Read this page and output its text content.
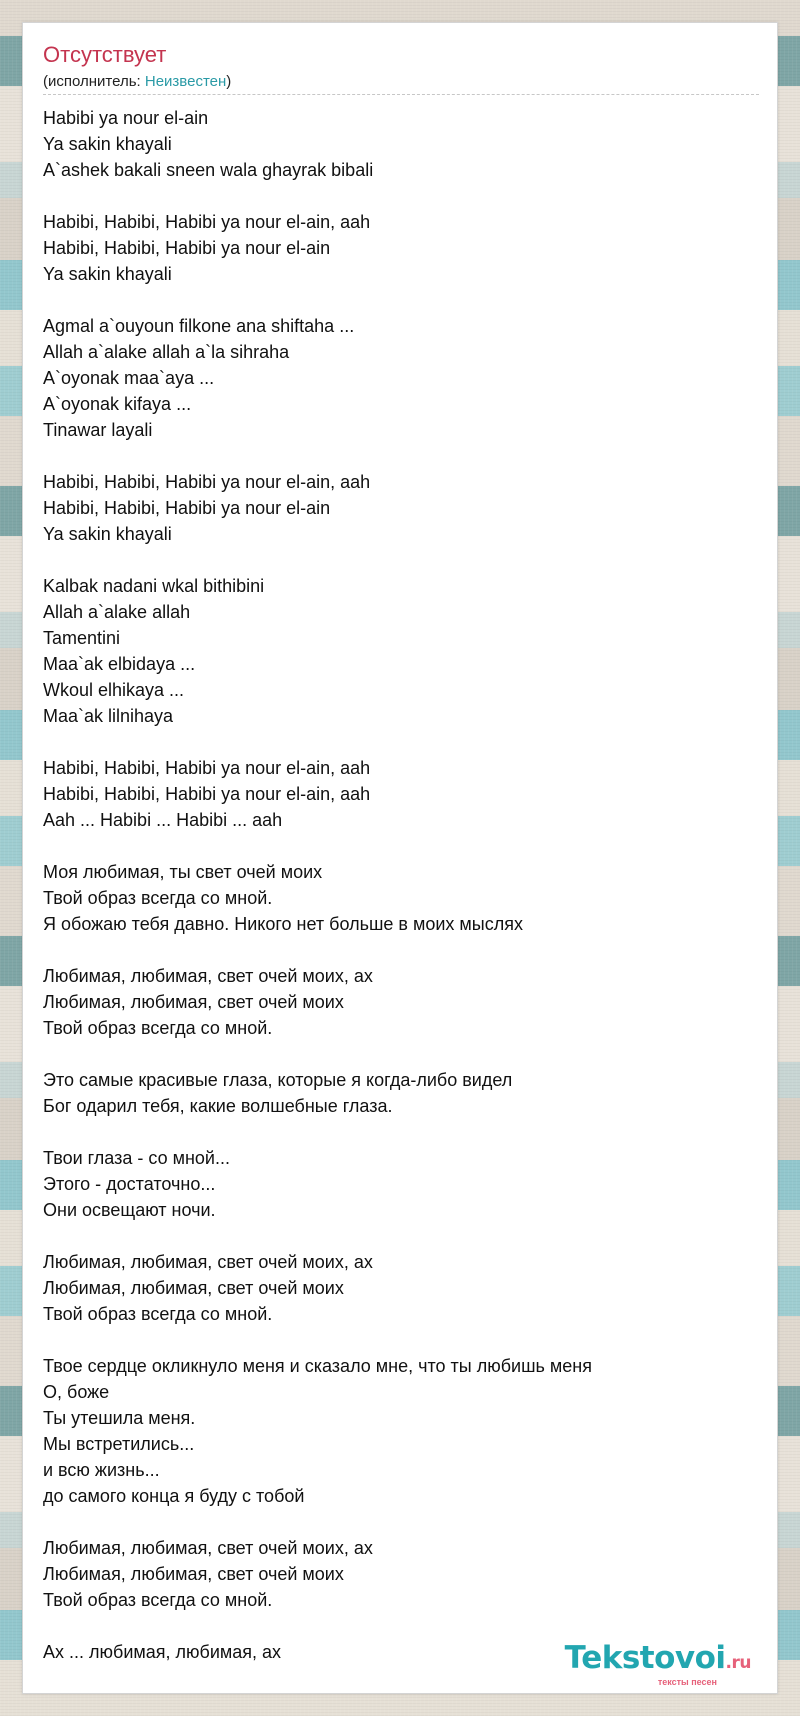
Отсутствует
(исполнитель: Неизвестен)
Habibi ya nour el-ain
Ya sakin khayali
A`ashek bakali sneen wala ghayrak bibali
Habibi, Habibi, Habibi ya nour el-ain, aah
Habibi, Habibi, Habibi ya nour el-ain
Ya sakin khayali
Agmal a`ouyoun filkone ana shiftaha ...
Allah a`alake allah a`la sihraha
A`oyonak maa`aya ...
A`oyonak kifaya ...
Tinawar layali
Habibi, Habibi, Habibi ya nour el-ain, aah
Habibi, Habibi, Habibi ya nour el-ain
Ya sakin khayali
Kalbak nadani wkal bithibini
Allah a`alake allah
Tamentini
Maa`ak elbidaya ...
Wkoul elhikaya ...
Maa`ak lilnihaya
Habibi, Habibi, Habibi ya nour el-ain, aah
Habibi, Habibi, Habibi ya nour el-ain, aah
Aah ... Habibi ... Habibi ... aah
Моя любимая, ты свет очей моих
Твой образ всегда со мной.
Я обожаю тебя давно. Никого нет больше в моих мыслях
Любимая, любимая, свет очей моих, ах
Любимая, любимая, свет очей моих
Твой образ всегда со мной.
Это самые красивые глаза, которые я когда-либо видел
Бог одарил тебя, какие волшебные глаза.
Твои глаза - со мной...
Этого - достаточно...
Они освещают ночи.
Любимая, любимая, свет очей моих, ах
Любимая, любимая, свет очей моих
Твой образ всегда со мной.
Твое сердце окликнуло меня и сказало мне, что ты любишь меня
О, боже
Ты утешила меня.
Мы встретились...
и всю жизнь...
до самого конца я буду с тобой
Любимая, любимая, свет очей моих, ах
Любимая, любимая, свет очей моих
Твой образ всегда со мной.
Ах ... любимая, любимая, ах	Tekstovoi.ru
тексты песен
